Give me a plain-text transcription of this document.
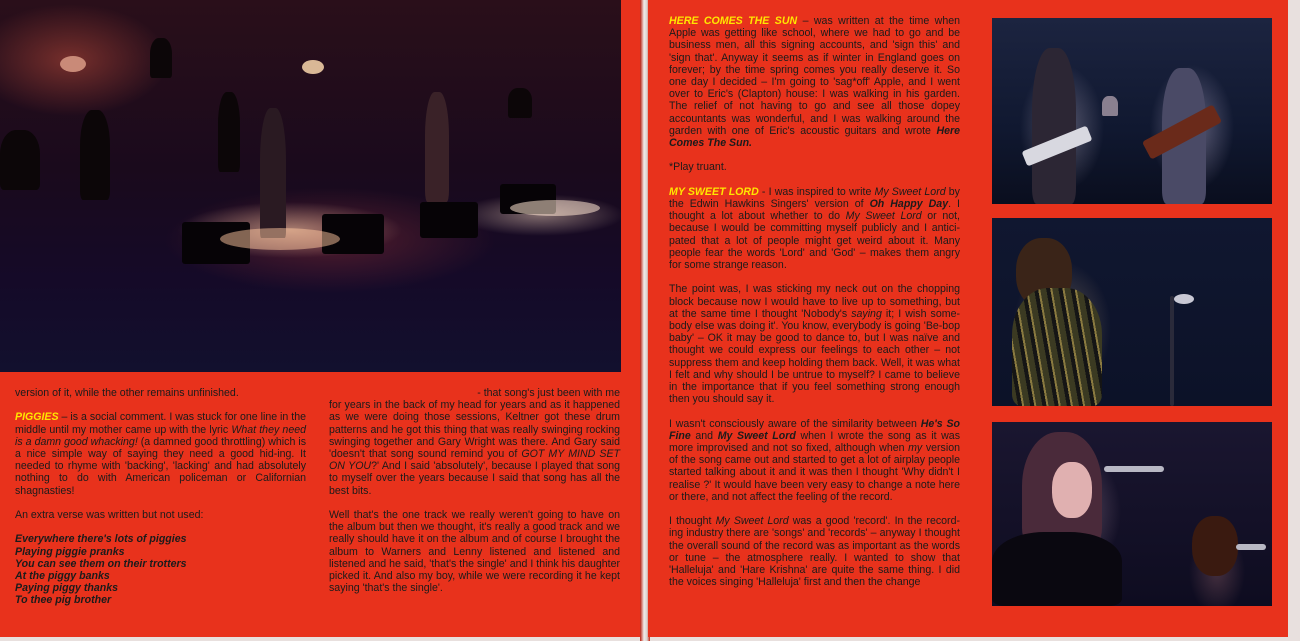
version of it, while the other remains unfinished.

PIGGIES – is a social comment. I was stuck for one line in the middle until my mother came up with the lyric What they need is a damn good whacking! (a damned good throttling) which is a nice simple way of saying they need a good hid-ing. It needed to rhyme with 'backing', 'lacking' and had absolutely nothing to do with American policeman or Californian shagnasties!

An extra verse was written but not used:

Everywhere there's lots of piggies
Playing piggie pranks
You can see them on their trotters
At the piggy banks
Paying piggy thanks
To thee pig brother
- that song's just been with me

for years in the back of my head for years and as it happened as we were doing those sessions, Keltner got these drum patterns and he got this thing that was really swinging rocking swinging together and Gary Wright was there. And Gary said 'doesn't that song sound remind you of GOT MY MIND SET ON YOU?' And I said 'absolutely', because I played that song to myself over the years because I said that song has all the best bits.

Well that's the one track we really weren't going to have on the album but then we thought, it's really a good track and we really should have it on the album and of course I brought the album to Warners and Lenny listened and listened and listened and he said, 'that's the single' and I think his daughter picked it. And also my boy, while we were recording it he kept saying 'that's the single'.

HERE COMES THE SUN – was written at the time when Apple was getting like school, where we had to go and be business men, all this signing accounts, and 'sign this' and 'sign that'. Anyway it seems as if winter in England goes on forever; by the time spring comes you really deserve it. So one day I decided – I'm going to 'sag*off' Apple, and I went over to Eric's (Clapton) house: I was walking in his garden. The relief of not having to go and see all those dopey accountants was wonderful, and I was walking around the garden with one of Eric's acoustic guitars and wrote Here Comes The Sun.

*Play truant.

MY SWEET LORD - I was inspired to write My Sweet Lord by the Edwin Hawkins Singers' version of Oh Happy Day. I thought a lot about whether to do My Sweet Lord or not, because I would be committing myself publicly and I antici-pated that a lot of people might get weird about it. Many people fear the words 'Lord' and 'God' – makes them angry for some strange reason.

The point was, I was sticking my neck out on the chopping block because now I would have to live up to something, but at the same time I thought 'Nobody's saying it; I wish some-body else was doing it'. You know, everybody is going 'Be-bop baby' – OK it may be good to dance to, but I was naïve and thought we could express our feelings to each other – not suppress them and keep holding them back. Well, it was what I felt and why should I be untrue to myself? I came to believe in the importance that if you feel something strong enough then you should say it.

I wasn't consciously aware of the similarity between He's So Fine and My Sweet Lord when I wrote the song as it was more improvised and not so fixed, although when my version of the song came out and started to get a lot of airplay people started talking about it and it was then I thought 'Why didn't I realise ?' It would have been very easy to change a note here or there, and not affect the feeling of the record.

I thought My Sweet Lord was a good 'record'. In the record-ing industry there are 'songs' and 'records' – anyway I thought the overall sound of the record was as important as the words or tune – the atmosphere really. I wanted to show that 'Halleluja' and 'Hare Krishna' are quite the same thing. I did the voices singing 'Halleluja' first and then the change
